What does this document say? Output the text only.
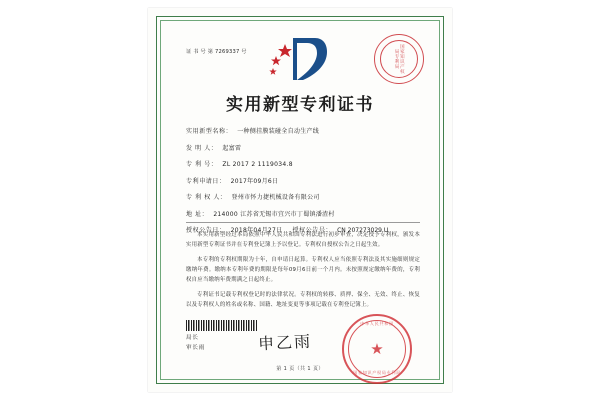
证 书 号 第 7269337 号	国家知识产权局专利局
实用新型专利证书
实用新型名称： 一种侧挂膜装碰全自动生产线
发 明 人： 起富雷
专 利 号： ZL 2017 2 1119034.8
专利申请日： 2017年09月6日
专 利 权 人： 登州市怀力捷机械设备有限公司
地 址： 214000 江苏省无锡市宜兴市丁蜀镇潘渣村
授权公告日： 2018年04月27日 授权公告号： CN 207273029 U

本实用新型经过本局依照中华人民共和国专利法进行初步审查，决定授予专利权，颁发本实用新型专利证书并在专利登记簿上予以登记。专利权自授权公告之日起生效。

本专利的专利权期限为十年，自申请日起算。专利权人应当依照专利法及其实施细则规定缴纳年费。缴纳本专利年费的期限是每年09月6日前一个月内。未按照规定缴纳年费的，专利权自应当缴纳年费期满之日起终止。

专利证书记载专利权登记时的法律状况。专利权的转移、质押、保全、无效、终止、恢复以及专利权人的姓名或名称、国籍、地址变更等事项记载在专利登记簿上。

局长
审长雨	申乙雨
中华人民共和国
★
国家知识产权局专利局
第 1 页（共 1 页）
